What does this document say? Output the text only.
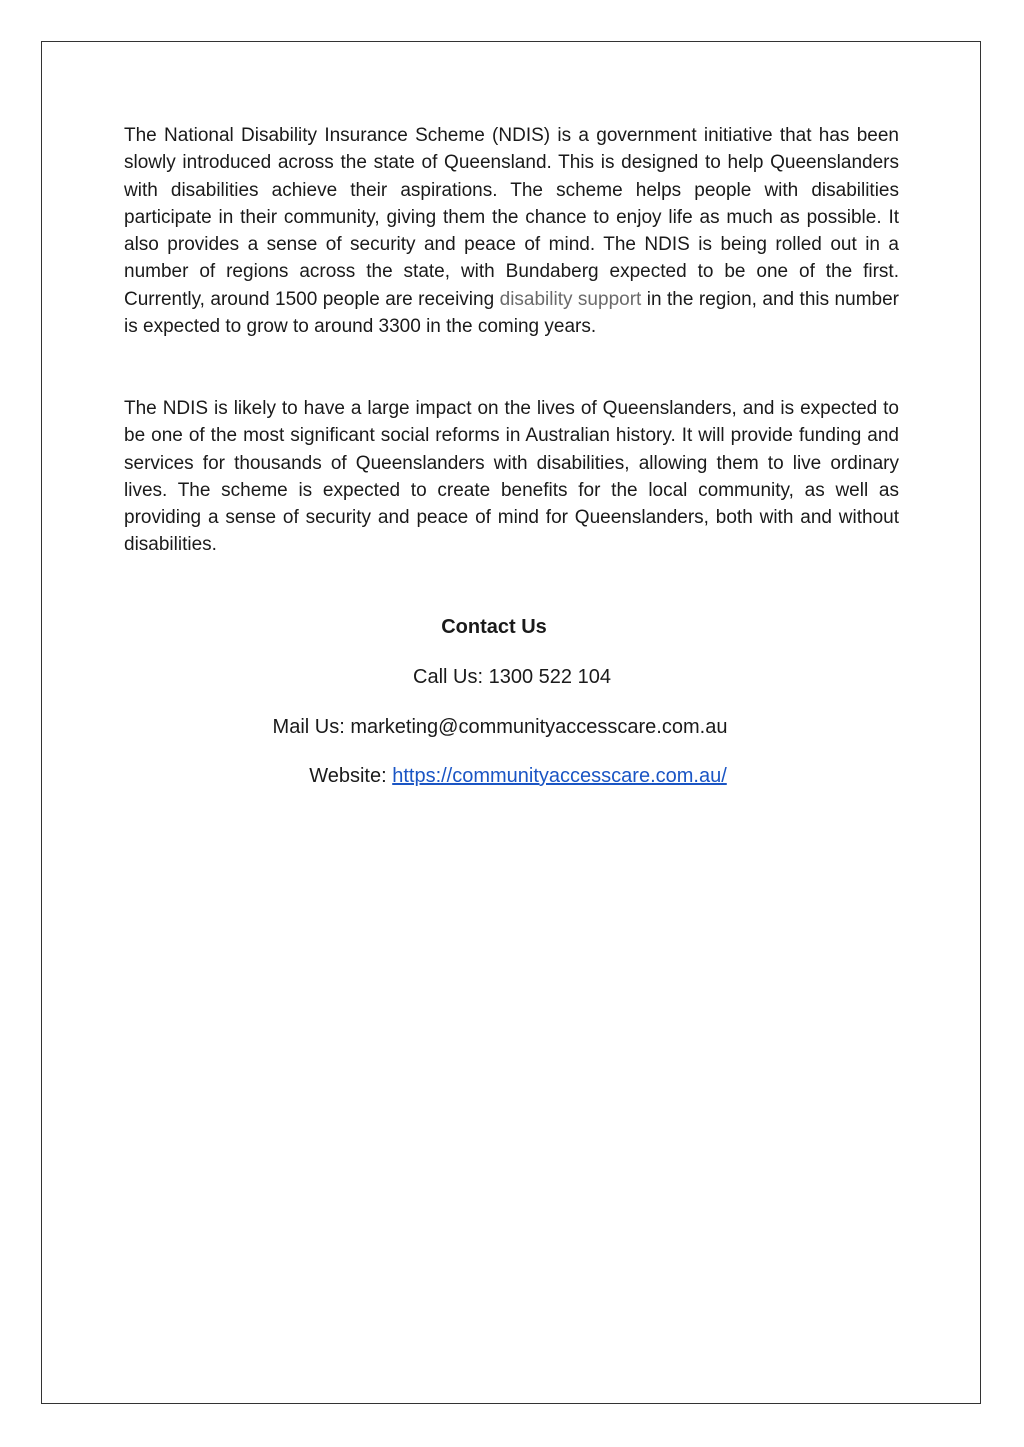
The National Disability Insurance Scheme (NDIS) is a government initiative that has been slowly introduced across the state of Queensland. This is designed to help Queenslanders with disabilities achieve their aspirations. The scheme helps people with disabilities participate in their community, giving them the chance to enjoy life as much as possible. It also provides a sense of security and peace of mind. The NDIS is being rolled out in a number of regions across the state, with Bundaberg expected to be one of the first. Currently, around 1500 people are receiving disability support in the region, and this number is expected to grow to around 3300 in the coming years.

The NDIS is likely to have a large impact on the lives of Queenslanders, and is expected to be one of the most significant social reforms in Australian history. It will provide funding and services for thousands of Queenslanders with disabilities, allowing them to live ordinary lives. The scheme is expected to create benefits for the local community, as well as providing a sense of security and peace of mind for Queenslanders, both with and without disabilities.

Contact Us
Call Us: 1300 522 104
Mail Us: marketing@communityaccesscare.com.au
Website: https://communityaccesscare.com.au/
